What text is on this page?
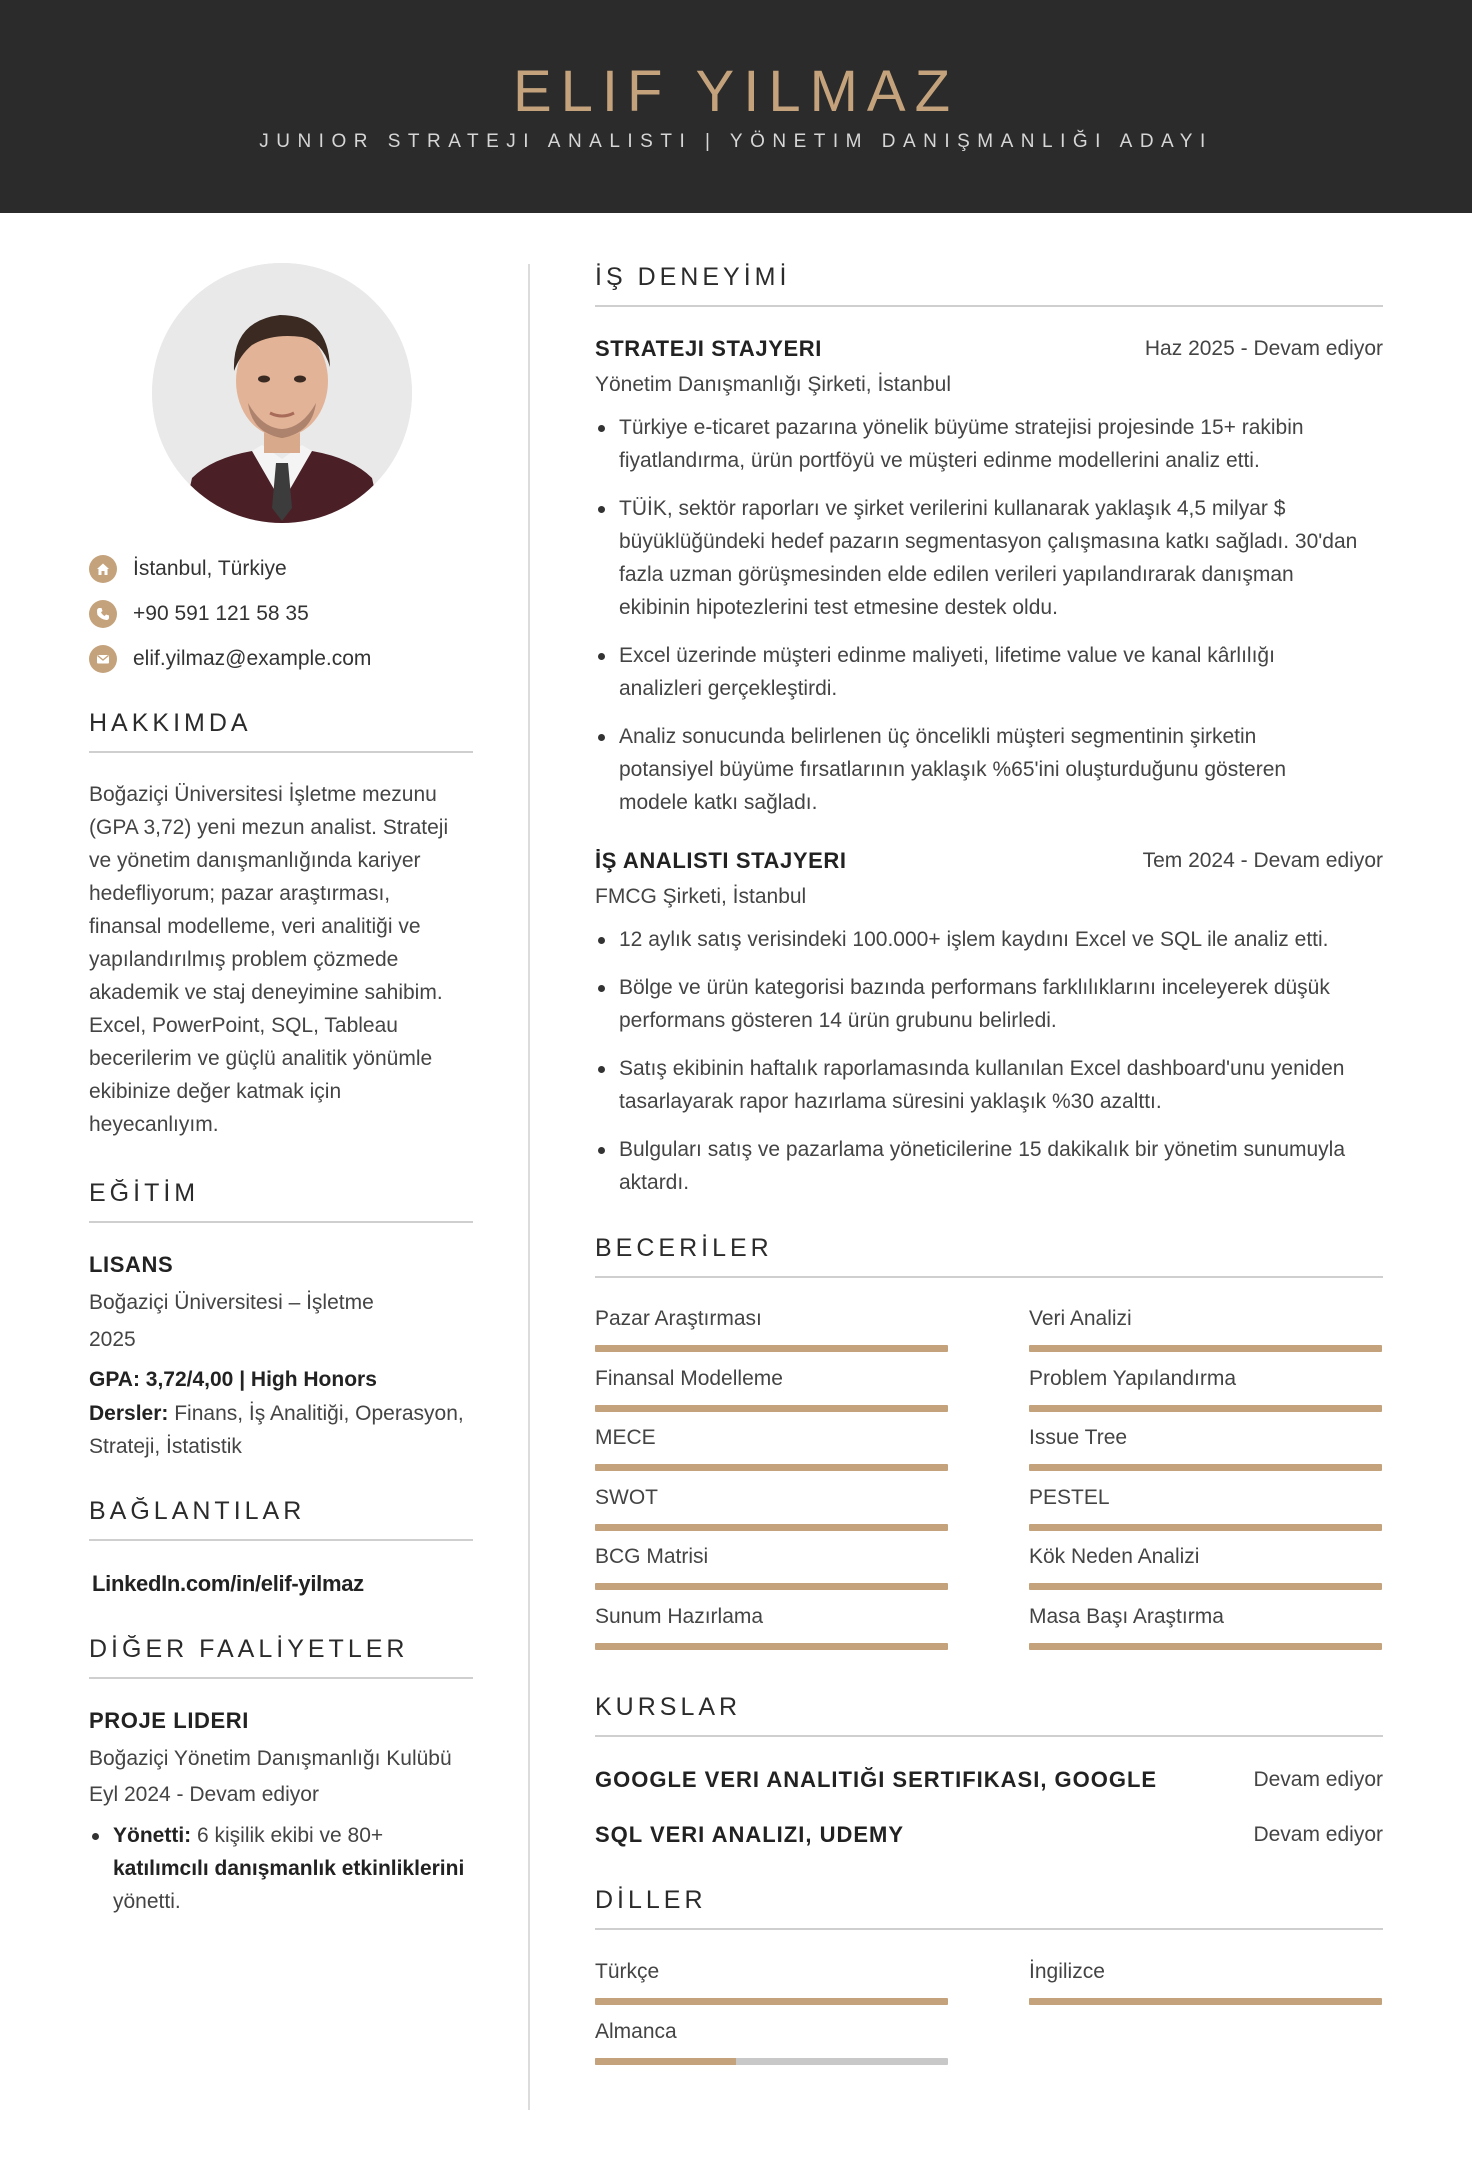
ELIF YILMAZ
JUNIOR STRATEJI ANALISTI | YÖNETIM DANIŞMANLIĞI ADAYI
İstanbul, Türkiye
+90 591 121 58 35
elif.yilmaz@example.com
HAKKIMDA
Boğaziçi Üniversitesi İşletme mezunu
(GPA 3,72) yeni mezun analist. Strateji
ve yönetim danışmanlığında kariyer
hedefliyorum; pazar araştırması,
finansal modelleme, veri analitiği ve
yapılandırılmış problem çözmede
akademik ve staj deneyimine sahibim.
Excel, PowerPoint, SQL, Tableau
becerilerim ve güçlü analitik yönümle
ekibinize değer katmak için
heyecanlıyım.
EĞİTİM
LISANS
Boğaziçi Üniversitesi – İşletme
2025
GPA: 3,72/4,00 | High Honors
Dersler: Finans, İş Analitiği, Operasyon,
Strateji, İstatistik
BAĞLANTILAR
LinkedIn.com/in/elif-yilmaz
DİĞER FAALİYETLER
PROJE LIDERI
Boğaziçi Yönetim Danışmanlığı Kulübü
Eyl 2024 - Devam ediyor
Yönetti: 6 kişilik ekibi ve 80+
katılımcılı danışmanlık etkinliklerini
yönetti.
İŞ DENEYİMİ
STRATEJI STAJYERI	Haz 2025 - Devam ediyor
Yönetim Danışmanlığı Şirketi, İstanbul
Türkiye e-ticaret pazarına yönelik büyüme stratejisi projesinde 15+ rakibin
fiyatlandırma, ürün portföyü ve müşteri edinme modellerini analiz etti.
TÜİK, sektör raporları ve şirket verilerini kullanarak yaklaşık 4,5 milyar $
büyüklüğündeki hedef pazarın segmentasyon çalışmasına katkı sağladı. 30'dan
fazla uzman görüşmesinden elde edilen verileri yapılandırarak danışman
ekibinin hipotezlerini test etmesine destek oldu.
Excel üzerinde müşteri edinme maliyeti, lifetime value ve kanal kârlılığı
analizleri gerçekleştirdi.
Analiz sonucunda belirlenen üç öncelikli müşteri segmentinin şirketin
potansiyel büyüme fırsatlarının yaklaşık %65'ini oluşturduğunu gösteren
modele katkı sağladı.
İŞ ANALISTI STAJYERI	Tem 2024 - Devam ediyor
FMCG Şirketi, İstanbul
12 aylık satış verisindeki 100.000+ işlem kaydını Excel ve SQL ile analiz etti.
Bölge ve ürün kategorisi bazında performans farklılıklarını inceleyerek düşük
performans gösteren 14 ürün grubunu belirledi.
Satış ekibinin haftalık raporlamasında kullanılan Excel dashboard'unu yeniden
tasarlayarak rapor hazırlama süresini yaklaşık %30 azalttı.
Bulguları satış ve pazarlama yöneticilerine 15 dakikalık bir yönetim sunumuyla
aktardı.
BECERİLER
Pazar Araştırması	Veri Analizi
Finansal Modelleme	Problem Yapılandırma
MECE	Issue Tree
SWOT	PESTEL
BCG Matrisi	Kök Neden Analizi
Sunum Hazırlama	Masa Başı Araştırma
KURSLAR
GOOGLE VERI ANALITIĞI SERTIFIKASI, GOOGLE	Devam ediyor
SQL VERI ANALIZI, UDEMY	Devam ediyor
DİLLER
Türkçe	İngilizce
Almanca
